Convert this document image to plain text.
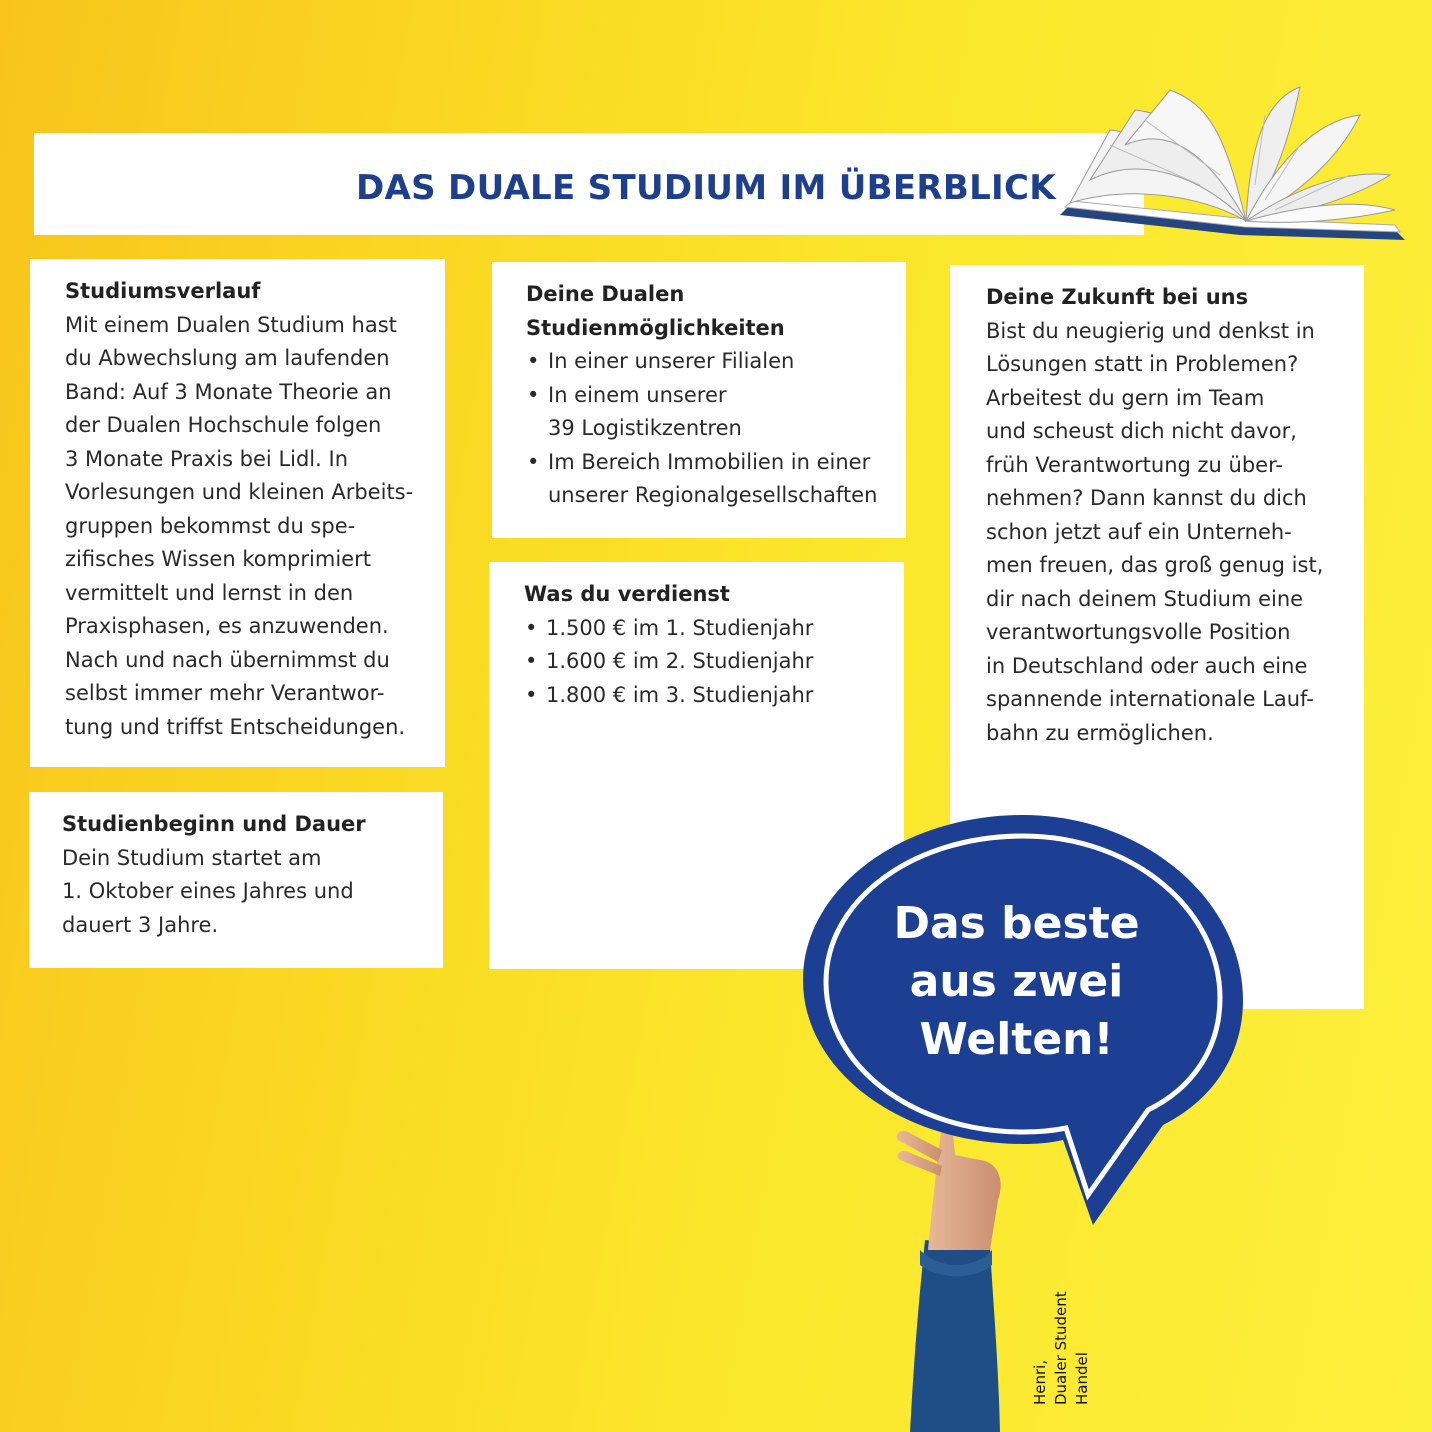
DAS DUALE STUDIUM IM ÜBERBLICK
Studiumsverlauf

Mit einem Dualen Studium hast

du Abwechslung am laufenden

Band: Auf 3 Monate Theorie an

der Dualen Hochschule folgen

3 Monate Praxis bei Lidl. In

Vorlesungen und kleinen Arbeits-

gruppen bekommst du spe-

zifisches Wissen komprimiert

vermittelt und lernst in den

Praxisphasen, es anzuwenden.

Nach und nach übernimmst du

selbst immer mehr Verantwor-

tung und triffst Entscheidungen.

Studienbeginn und Dauer

Dein Studium startet am

1. Oktober eines Jahres und

dauert 3 Jahre.

Deine Dualen
Studienmöglichkeiten
• In einer unserer Filialen
• In einem unserer
39 Logistikzentren
• Im Bereich Immobilien in einer
unserer Regionalgesellschaften
Was du verdienst
• 1.500 € im 1. Studienjahr
• 1.600 € im 2. Studienjahr
• 1.800 € im 3. Studienjahr
Deine Zukunft bei uns

Bist du neugierig und denkst in

Lösungen statt in Problemen?

Arbeitest du gern im Team

und scheust dich nicht davor,

früh Verantwortung zu über-

nehmen? Dann kannst du dich

schon jetzt auf ein Unterneh-

men freuen, das groß genug ist,

dir nach deinem Studium eine

verantwortungsvolle Position

in Deutschland oder auch eine

spannende internationale Lauf-

bahn zu ermöglichen.

Das beste
aus zwei
Welten!
Henri, Dualer Student Handel
